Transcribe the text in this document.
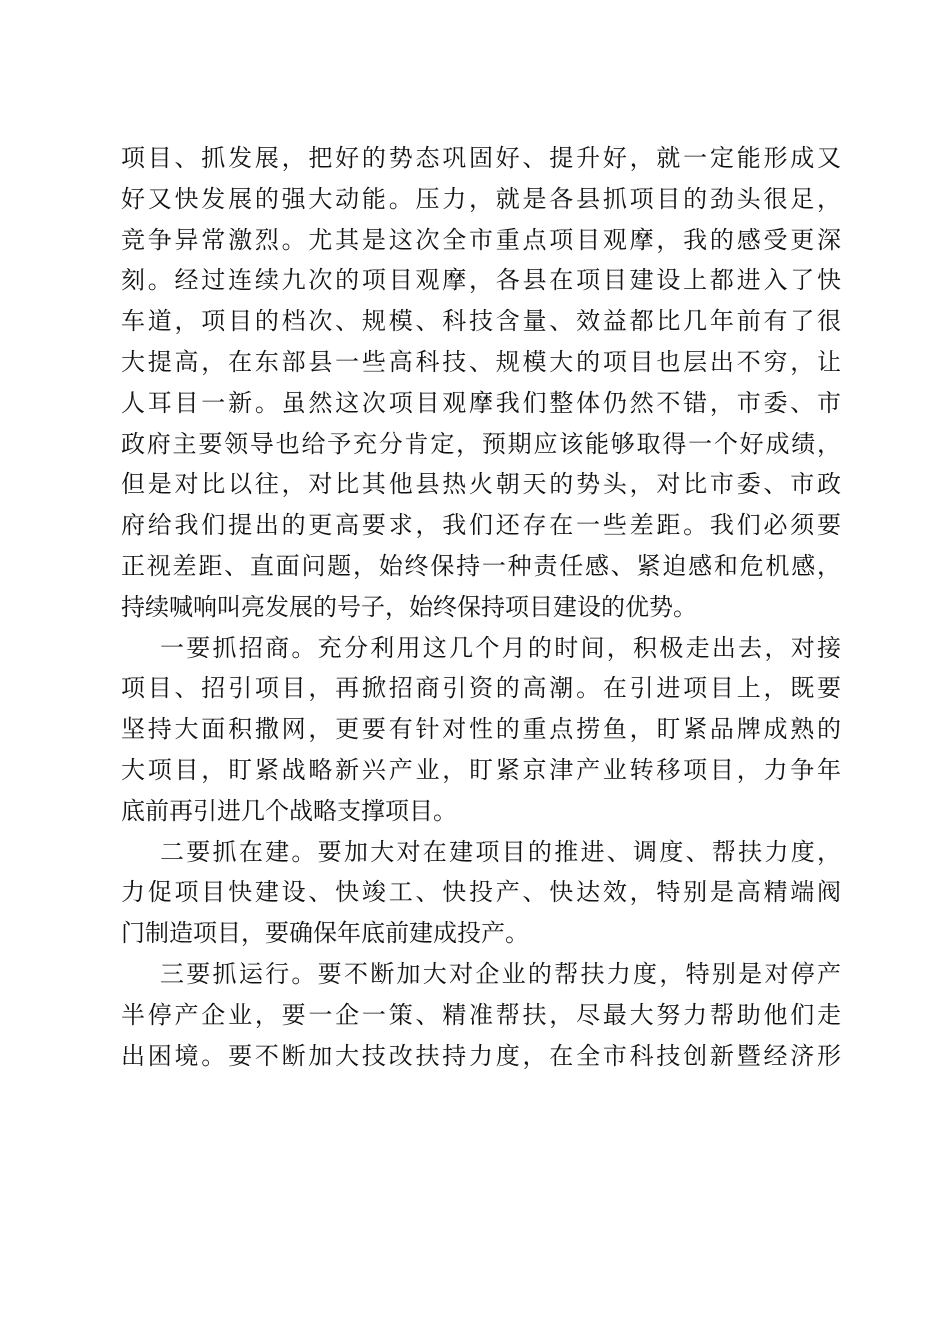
项目、抓发展，把好的势态巩固好、提升好，就一定能形成又
好又快发展的强大动能。压力，就是各县抓项目的劲头很足，
竞争异常激烈。尤其是这次全市重点项目观摩，我的感受更深
刻。经过连续九次的项目观摩，各县在项目建设上都进入了快
车道，项目的档次、规模、科技含量、效益都比几年前有了很
大提高，在东部县一些高科技、规模大的项目也层出不穷，让
人耳目一新。虽然这次项目观摩我们整体仍然不错，市委、市
政府主要领导也给予充分肯定，预期应该能够取得一个好成绩，
但是对比以往，对比其他县热火朝天的势头，对比市委、市政
府给我们提出的更高要求，我们还存在一些差距。我们必须要
正视差距、直面问题，始终保持一种责任感、紧迫感和危机感，
持续喊响叫亮发展的号子，始终保持项目建设的优势。
一要抓招商。充分利用这几个月的时间，积极走出去，对接
项目、招引项目，再掀招商引资的高潮。在引进项目上，既要
坚持大面积撒网，更要有针对性的重点捞鱼，盯紧品牌成熟的
大项目，盯紧战略新兴产业，盯紧京津产业转移项目，力争年
底前再引进几个战略支撑项目。
二要抓在建。要加大对在建项目的推进、调度、帮扶力度，
力促项目快建设、快竣工、快投产、快达效，特别是高精端阀
门制造项目，要确保年底前建成投产。
三要抓运行。要不断加大对企业的帮扶力度，特别是对停产
半停产企业，要一企一策、精准帮扶，尽最大努力帮助他们走
出困境。要不断加大技改扶持力度，在全市科技创新暨经济形
